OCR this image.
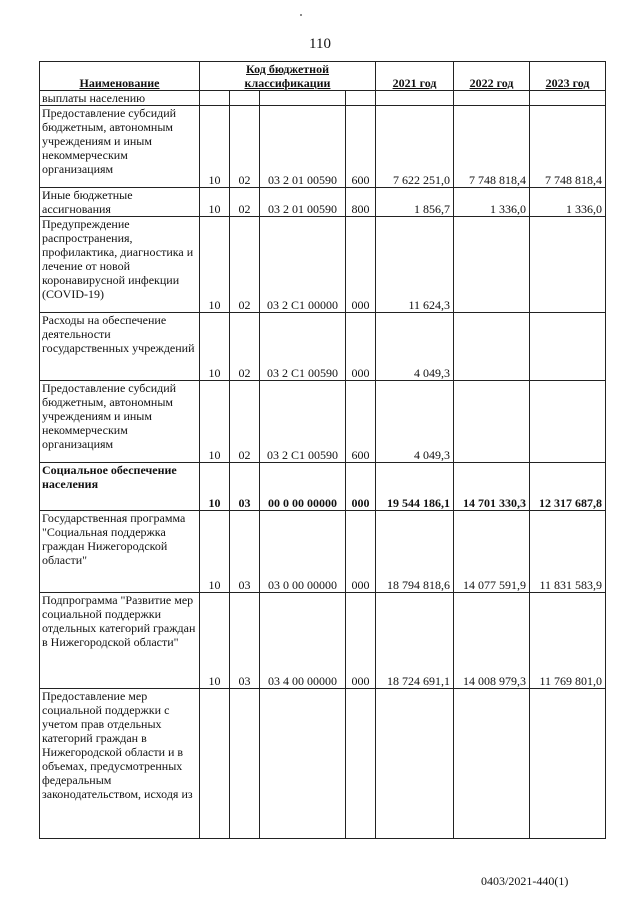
110
Наименование	Код бюджетной классификации				2021 год	2022 год	2023 год
выплаты населению							
Предоставление субсидий бюджетным, автономным учреждениям и иным некоммерческим организациям	10	02	03 2 01 00590	600	7 622 251,0	7 748 818,4	7 748 818,4
Иные бюджетные ассигнования	10	02	03 2 01 00590	800	1 856,7	1 336,0	1 336,0
Предупреждение распространения, профилактика, диагностика и лечение от новой коронавирусной инфекции (COVID-19)	10	02	03 2 C1 00000	000	11 624,3		
Расходы на обеспечение деятельности государственных учреждений	10	02	03 2 C1 00590	000	4 049,3		
Предоставление субсидий бюджетным, автономным учреждениям и иным некоммерческим организациям	10	02	03 2 C1 00590	600	4 049,3		
Социальное обеспечение населения	10	03	00 0 00 00000	000	19 544 186,1	14 701 330,3	12 317 687,8
Государственная программа "Социальная поддержка граждан Нижегородской области"	10	03	03 0 00 00000	000	18 794 818,6	14 077 591,9	11 831 583,9
Подпрограмма "Развитие мер социальной поддержки отдельных категорий граждан в Нижегородской области"	10	03	03 4 00 00000	000	18 724 691,1	14 008 979,3	11 769 801,0
Предоставление мер социальной поддержки с учетом прав отдельных категорий граждан в Нижегородской области и в объемах, предусмотренных федеральным законодательством, исходя из							
0403/2021-440(1)
